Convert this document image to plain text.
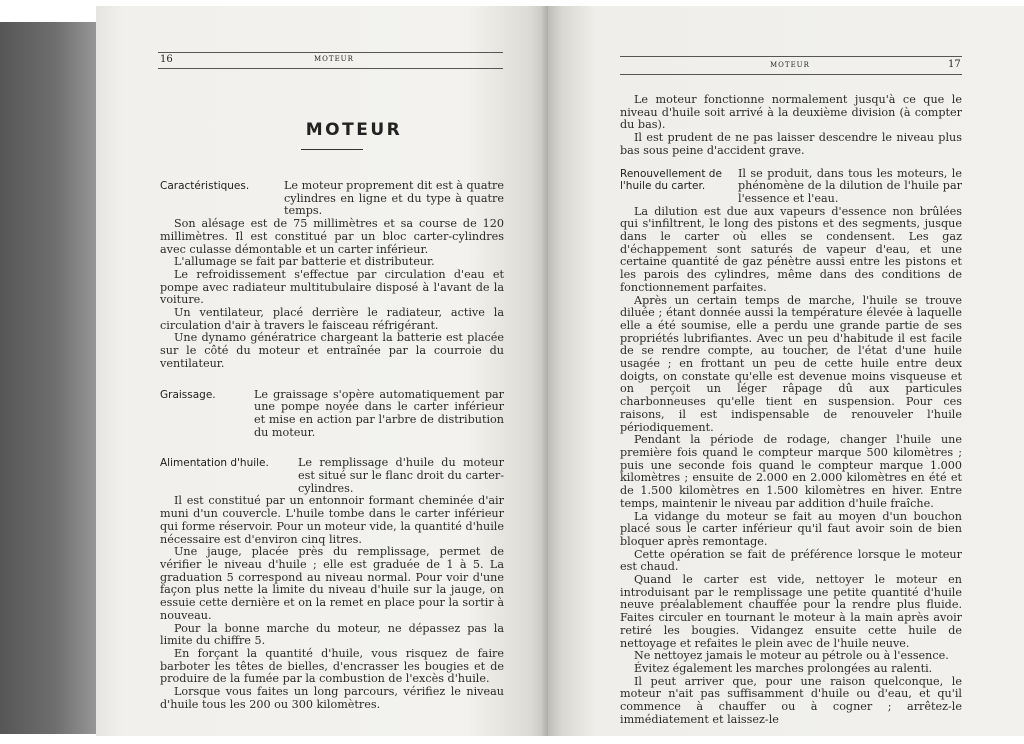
16	MOTEUR
MOTEUR
Caractéristiques.	Le moteur proprement dit est à quatre cylindres en ligne et du type à quatre temps.

Son alésage est de 75 millimètres et sa course de 120 millimètres. Il est constitué par un bloc carter-cylindres avec culasse démontable et un carter inférieur.

L'allumage se fait par batterie et distributeur.

Le refroidissement s'effectue par circulation d'eau et pompe avec radiateur multitubulaire disposé à l'avant de la voiture.

Un ventilateur, placé derrière le radiateur, active la circulation d'air à travers le faisceau réfrigérant.

Une dynamo génératrice chargeant la batterie est placée sur le côté du moteur et entraînée par la courroie du ventilateur.

Graissage.	Le graissage s'opère automatiquement par une pompe noyée dans le carter inférieur et mise en action par l'arbre de distribution du moteur.
Alimentation d'huile.	Le remplissage d'huile du moteur est situé sur le flanc droit du carter-cylindres.

Il est constitué par un entonnoir formant cheminée d'air muni d'un couvercle. L'huile tombe dans le carter inférieur qui forme réservoir. Pour un moteur vide, la quantité d'huile nécessaire est d'environ cinq litres.

Une jauge, placée près du remplissage, permet de vérifier le niveau d'huile ; elle est graduée de 1 à 5. La graduation 5 correspond au niveau normal. Pour voir d'une façon plus nette la limite du niveau d'huile sur la jauge, on essuie cette dernière et on la remet en place pour la sortir à nouveau.

Pour la bonne marche du moteur, ne dépassez pas la limite du chiffre 5.

En forçant la quantité d'huile, vous risquez de faire barboter les têtes de bielles, d'encrasser les bougies et de produire de la fumée par la combustion de l'excès d'huile.

Lorsque vous faites un long parcours, vérifiez le niveau d'huile tous les 200 ou 300 kilomètres.

MOTEUR	17

Le moteur fonctionne normalement jusqu'à ce que le niveau d'huile soit arrivé à la deuxième division (à compter du bas).

Il est prudent de ne pas laisser descendre le niveau plus bas sous peine d'accident grave.

Renouvellement de l'huile du carter.
Il se produit, dans tous les moteurs, le phénomène de la dilution de l'huile par l'essence et l'eau.

La dilution est due aux vapeurs d'essence non brûlées qui s'infiltrent, le long des pistons et des segments, jusque dans le carter où elles se condensent. Les gaz d'échappement sont saturés de vapeur d'eau, et une certaine quantité de gaz pénètre aussi entre les pistons et les parois des cylindres, même dans des conditions de fonctionnement parfaites.

Après un certain temps de marche, l'huile se trouve diluée ; étant donnée aussi la température élevée à laquelle elle a été soumise, elle a perdu une grande partie de ses propriétés lubrifiantes. Avec un peu d'habitude il est facile de se rendre compte, au toucher, de l'état d'une huile usagée ; en frottant un peu de cette huile entre deux doigts, on constate qu'elle est devenue moins visqueuse et on perçoit un léger râpage dû aux particules charbonneuses qu'elle tient en suspension. Pour ces raisons, il est indispensable de renouveler l'huile périodiquement.

Pendant la période de rodage, changer l'huile une première fois quand le compteur marque 500 kilomètres ; puis une seconde fois quand le compteur marque 1.000 kilomètres ; ensuite de 2.000 en 2.000 kilomètres en été et de 1.500 kilomètres en 1.500 kilomètres en hiver. Entre temps, maintenir le niveau par addition d'huile fraîche.

La vidange du moteur se fait au moyen d'un bouchon placé sous le carter inférieur qu'il faut avoir soin de bien bloquer après remontage.

Cette opération se fait de préférence lorsque le moteur est chaud.

Quand le carter est vide, nettoyer le moteur en introduisant par le remplissage une petite quantité d'huile neuve préalablement chauffée pour la rendre plus fluide. Faites circuler en tournant le moteur à la main après avoir retiré les bougies. Vidangez ensuite cette huile de nettoyage et refaites le plein avec de l'huile neuve.

Ne nettoyez jamais le moteur au pétrole ou à l'essence.

Évitez également les marches prolongées au ralenti.

Il peut arriver que, pour une raison quelconque, le moteur n'ait pas suffisamment d'huile ou d'eau, et qu'il commence à chauffer ou à cogner ; arrêtez-le immédiatement et laissez-le
